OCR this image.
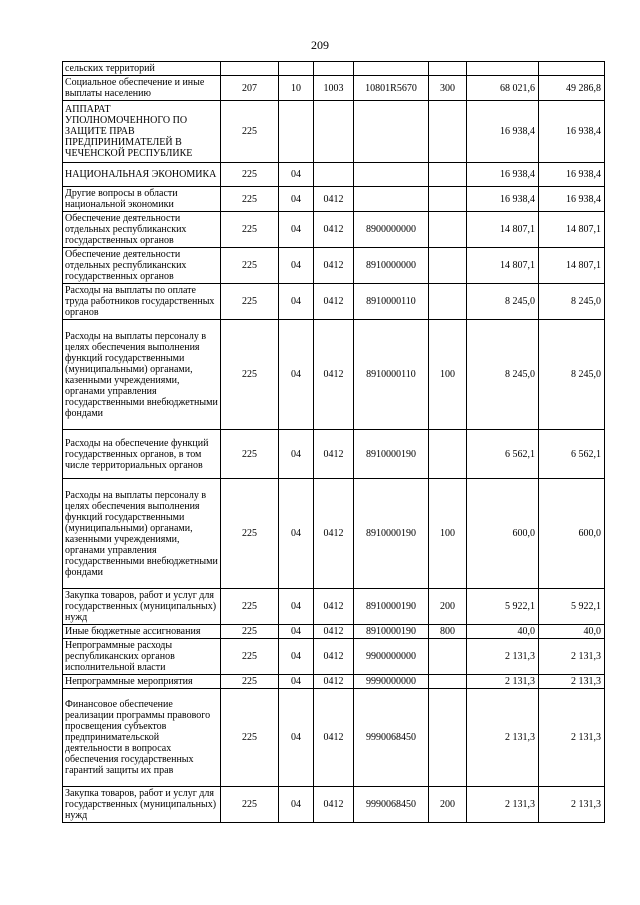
209
сельских территорий							
Социальное обеспечение и иные выплаты населению	207	10	1003	10801R5670	300	68 021,6	49 286,8
АППАРАТ УПОЛНОМОЧЕННОГО ПО ЗАЩИТЕ ПРАВ ПРЕДПРИНИМАТЕЛЕЙ В ЧЕЧЕНСКОЙ РЕСПУБЛИКЕ	225					16 938,4	16 938,4
НАЦИОНАЛЬНАЯ ЭКОНОМИКА	225	04				16 938,4	16 938,4
Другие вопросы в области национальной экономики	225	04	0412			16 938,4	16 938,4
Обеспечение деятельности отдельных республиканских государственных органов	225	04	0412	8900000000		14 807,1	14 807,1
Обеспечение деятельности отдельных республиканских государственных органов	225	04	0412	8910000000		14 807,1	14 807,1
Расходы на выплаты по оплате труда работников государственных органов	225	04	0412	8910000110		8 245,0	8 245,0
Расходы на выплаты персоналу в целях обеспечения выполнения функций государственными (муниципальными) органами, казенными учреждениями, органами управления государственными внебюджетными фондами	225	04	0412	8910000110	100	8 245,0	8 245,0
Расходы на обеспечение функций государственных органов, в том числе территориальных органов	225	04	0412	8910000190		6 562,1	6 562,1
Расходы на выплаты персоналу в целях обеспечения выполнения функций государственными (муниципальными) органами, казенными учреждениями, органами управления государственными внебюджетными фондами	225	04	0412	8910000190	100	600,0	600,0
Закупка товаров, работ и услуг для государственных (муниципальных) нужд	225	04	0412	8910000190	200	5 922,1	5 922,1
Иные бюджетные ассигнования	225	04	0412	8910000190	800	40,0	40,0
Непрограммные расходы республиканских органов исполнительной власти	225	04	0412	9900000000		2 131,3	2 131,3
Непрограммные мероприятия	225	04	0412	9990000000		2 131,3	2 131,3
Финансовое обеспечение реализации программы правового просвещения субъектов предпринимательской деятельности в вопросах обеспечения государственных гарантий защиты их прав	225	04	0412	9990068450		2 131,3	2 131,3
Закупка товаров, работ и услуг для государственных (муниципальных) нужд	225	04	0412	9990068450	200	2 131,3	2 131,3
